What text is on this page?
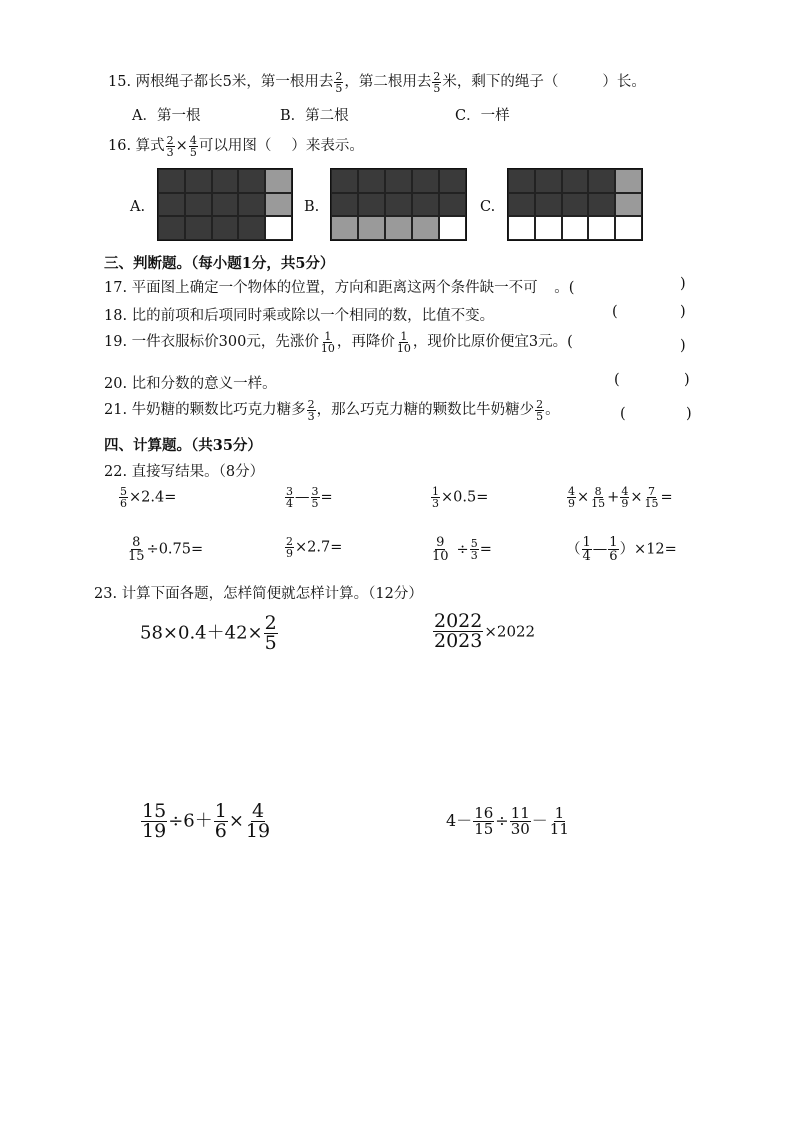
15. 两根绳子都长5米，第一根用去 $\frac{2}{5}$ ，第二根用去 $\frac{2}{5}$ 米，剩下的绳子（	）长。
A．第一根	B．第二根	C．一样
16. 算式 $\frac{2}{3} \times \frac{4}{5}$ 可以用图（ ）来表示。
A.	B.	C.
三、判断题。（每小题1分，共5分）
17. 平面图上确定一个物体的位置，方向和距离这两个条件缺一不可 。(	)
18. 比的前项和后项同时乘或除以一个相同的数，比值不变。	(	)
19. 一件衣服标价300元，先涨价 $\frac{1}{10}$ ，再降价 $\frac{1}{10}$ ，现价比原价便宜3元。(	)
20. 比和分数的意义一样。	(	)
21. 牛奶糖的颗数比巧克力糖多 $\frac{2}{3}$ ，那么巧克力糖的颗数比牛奶糖少 $\frac{2}{5}$ 。	(	)
四、计算题。（共35分）
22. 直接写结果。（8分）
$\frac{5}{6} \times 2.4=$	$\frac{3}{4}$ — $\frac{3}{5}$ =	$\frac{1}{3} \times 0.5=$	$\frac{4}{9} \times \frac{8}{15} + \frac{4}{9} \times \frac{7}{15}$ =
$\frac{8}{15} \div 0.75=$	$\frac{2}{9} \times 2.7=$	$\frac{9}{10} \div \frac{5}{3}$ =	（ $\frac{1}{4}$ — $\frac{1}{6} )\times 12=$
23. 计算下面各题，怎样简便就怎样计算。（12分）
$58\times 0.4+42\times \frac{2}{5}$	$\frac{2022}{2023} \times 2022$
$\frac{15}{19} \div 6+ \frac{1}{6} \times \frac{4}{19}$	$4- \frac{16}{15} \div \frac{11}{30} - \frac{1}{11}$
